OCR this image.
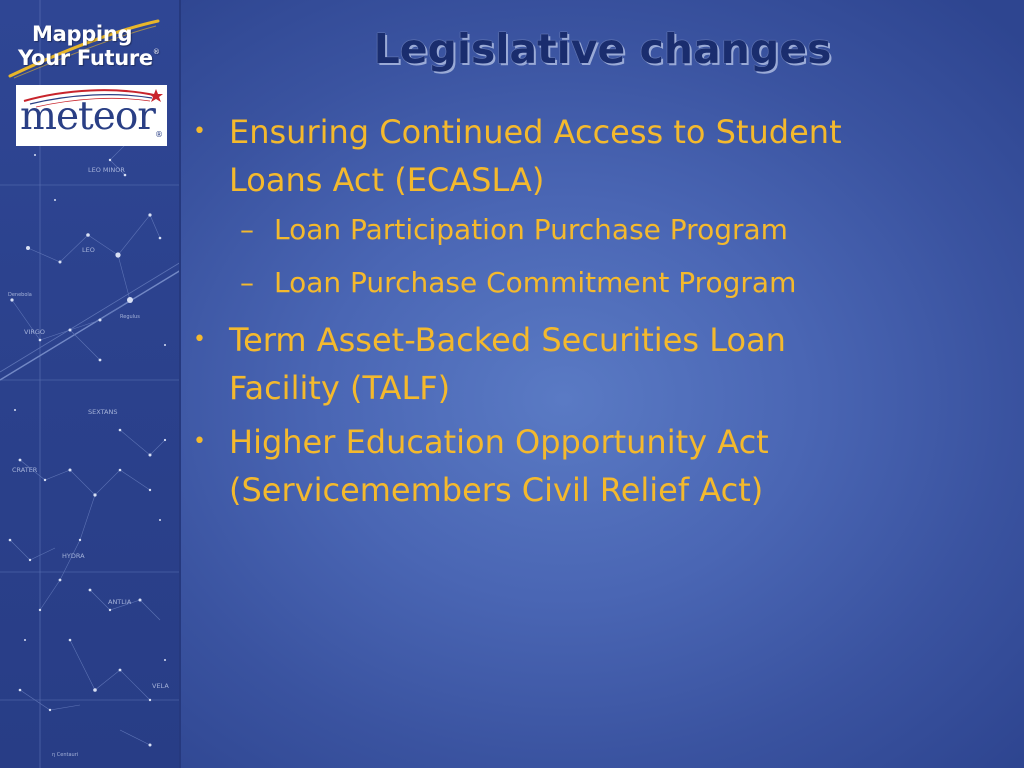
LEO MINOR
LEO
Denebola
Regulus
VIRGO
SEXTANS
CRATER
HYDRA
ANTLIA
VELA
η Centauri
Mapping
Your Future®
meteor®
Legislative changes
• Ensuring Continued Access to Student
Loans Act (ECASLA)
– Loan Participation Purchase Program
– Loan Purchase Commitment Program
• Term Asset-Backed Securities Loan
Facility (TALF)
• Higher Education Opportunity Act
(Servicemembers Civil Relief Act)
